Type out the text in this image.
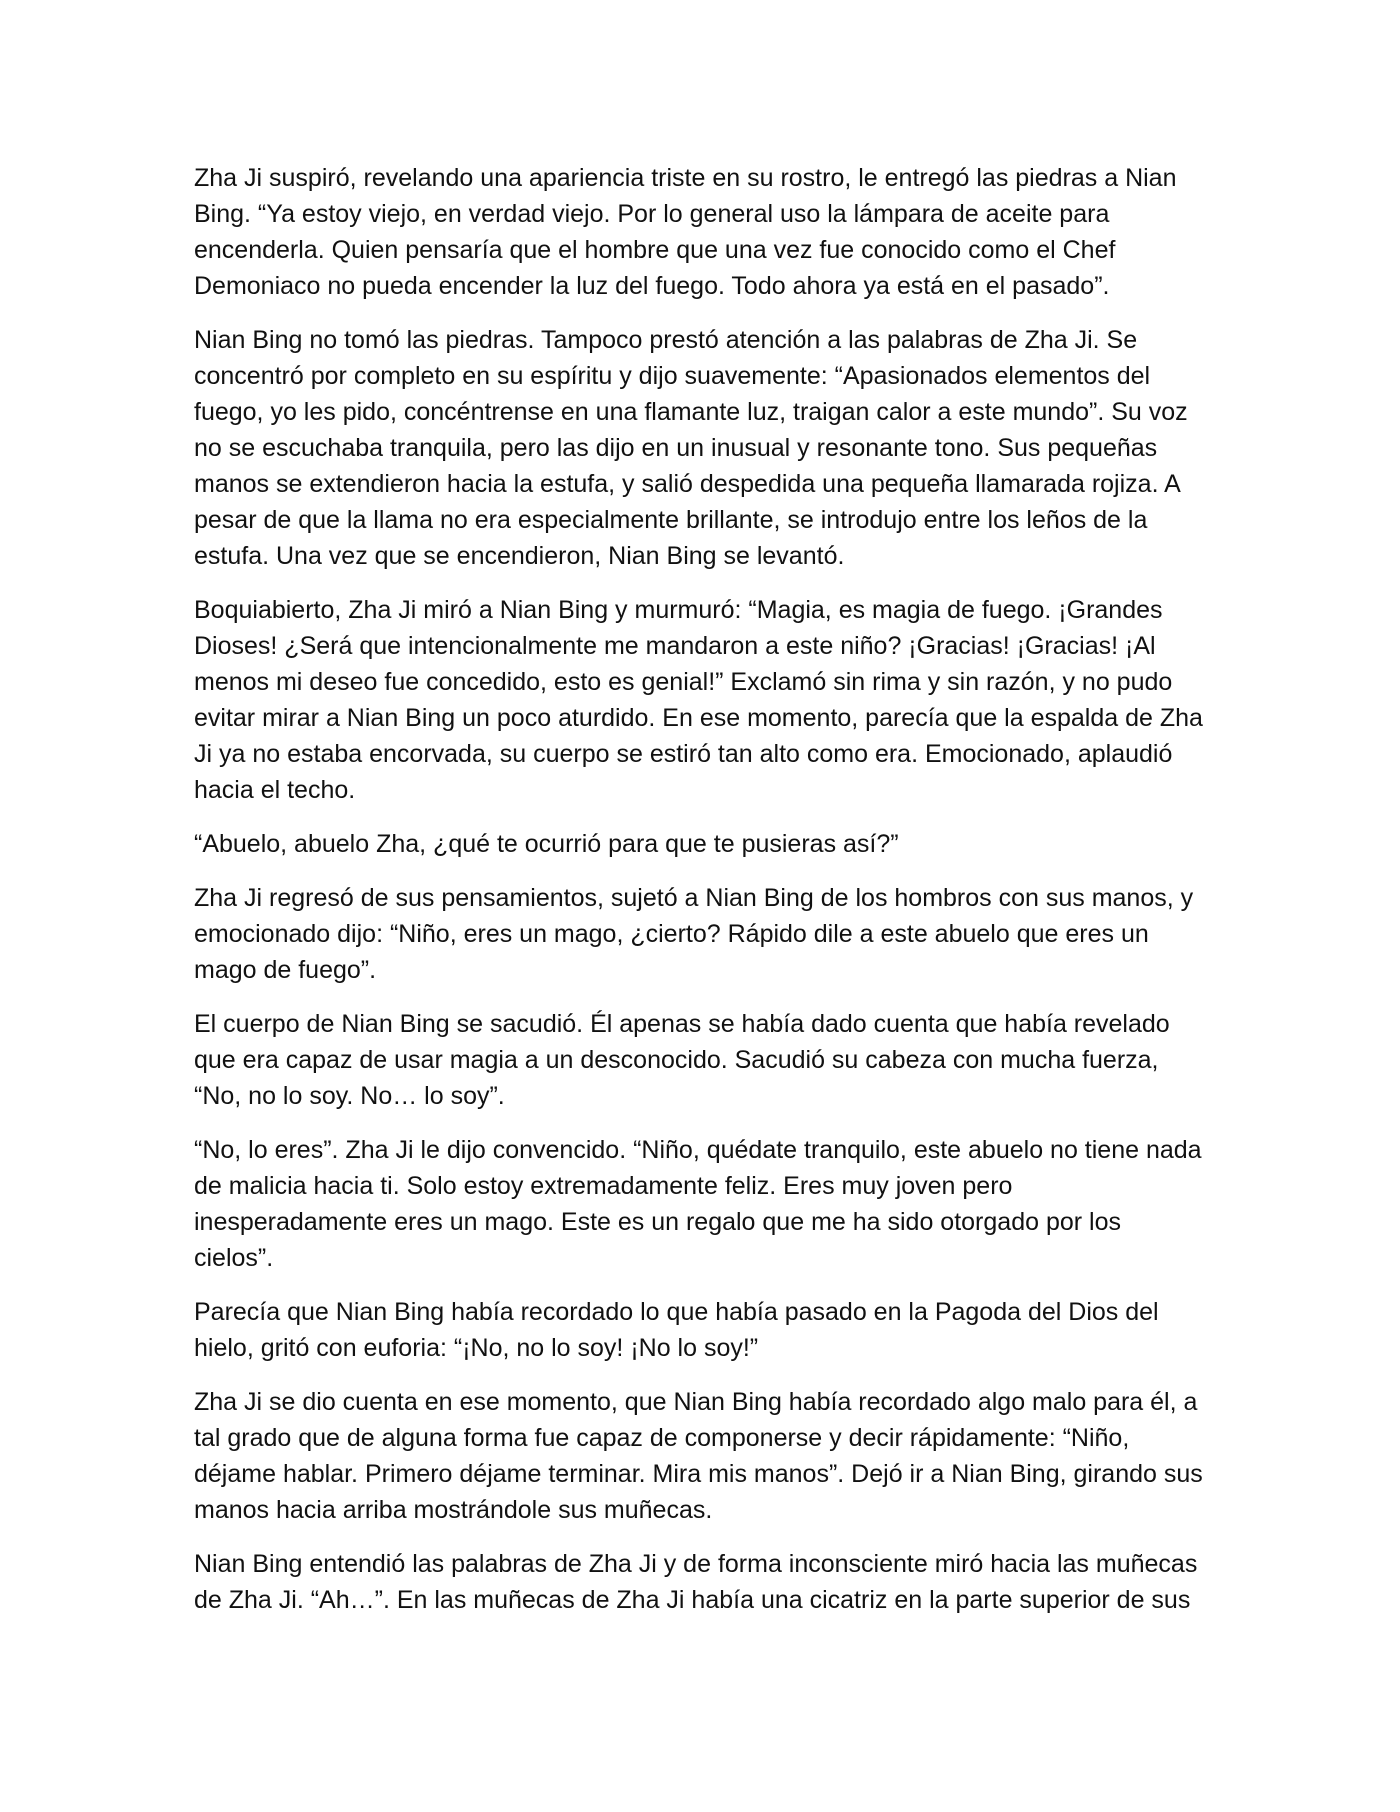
Zha Ji suspiró, revelando una apariencia triste en su rostro, le entregó las piedras a Nian Bing. “Ya estoy viejo, en verdad viejo. Por lo general uso la lámpara de aceite para encenderla. Quien pensaría que el hombre que una vez fue conocido como el Chef Demoniaco no pueda encender la luz del fuego. Todo ahora ya está en el pasado”.

Nian Bing no tomó las piedras. Tampoco prestó atención a las palabras de Zha Ji. Se concentró por completo en su espíritu y dijo suavemente: “Apasionados elementos del fuego, yo les pido, concéntrense en una flamante luz, traigan calor a este mundo”. Su voz no se escuchaba tranquila, pero las dijo en un inusual y resonante tono. Sus pequeñas manos se extendieron hacia la estufa, y salió despedida una pequeña llamarada rojiza. A pesar de que la llama no era especialmente brillante, se introdujo entre los leños de la estufa. Una vez que se encendieron, Nian Bing se levantó.

Boquiabierto, Zha Ji miró a Nian Bing y murmuró: “Magia, es magia de fuego. ¡Grandes Dioses! ¿Será que intencionalmente me mandaron a este niño? ¡Gracias! ¡Gracias! ¡Al menos mi deseo fue concedido, esto es genial!” Exclamó sin rima y sin razón, y no pudo evitar mirar a Nian Bing un poco aturdido. En ese momento, parecía que la espalda de Zha Ji ya no estaba encorvada, su cuerpo se estiró tan alto como era. Emocionado, aplaudió hacia el techo.

“Abuelo, abuelo Zha, ¿qué te ocurrió para que te pusieras así?”

Zha Ji regresó de sus pensamientos, sujetó a Nian Bing de los hombros con sus manos, y emocionado dijo: “Niño, eres un mago, ¿cierto? Rápido dile a este abuelo que eres un mago de fuego”.

El cuerpo de Nian Bing se sacudió. Él apenas se había dado cuenta que había revelado que era capaz de usar magia a un desconocido. Sacudió su cabeza con mucha fuerza, “No, no lo soy. No… lo soy”.

“No, lo eres”. Zha Ji le dijo convencido. “Niño, quédate tranquilo, este abuelo no tiene nada de malicia hacia ti. Solo estoy extremadamente feliz. Eres muy joven pero inesperadamente eres un mago. Este es un regalo que me ha sido otorgado por los cielos”.

Parecía que Nian Bing había recordado lo que había pasado en la Pagoda del Dios del hielo, gritó con euforia: “¡No, no lo soy! ¡No lo soy!”

Zha Ji se dio cuenta en ese momento, que Nian Bing había recordado algo malo para él, a tal grado que de alguna forma fue capaz de componerse y decir rápidamente: “Niño, déjame hablar. Primero déjame terminar. Mira mis manos”. Dejó ir a Nian Bing, girando sus manos hacia arriba mostrándole sus muñecas.

Nian Bing entendió las palabras de Zha Ji y de forma inconsciente miró hacia las muñecas de Zha Ji. “Ah…”. En las muñecas de Zha Ji había una cicatriz en la parte superior de sus
